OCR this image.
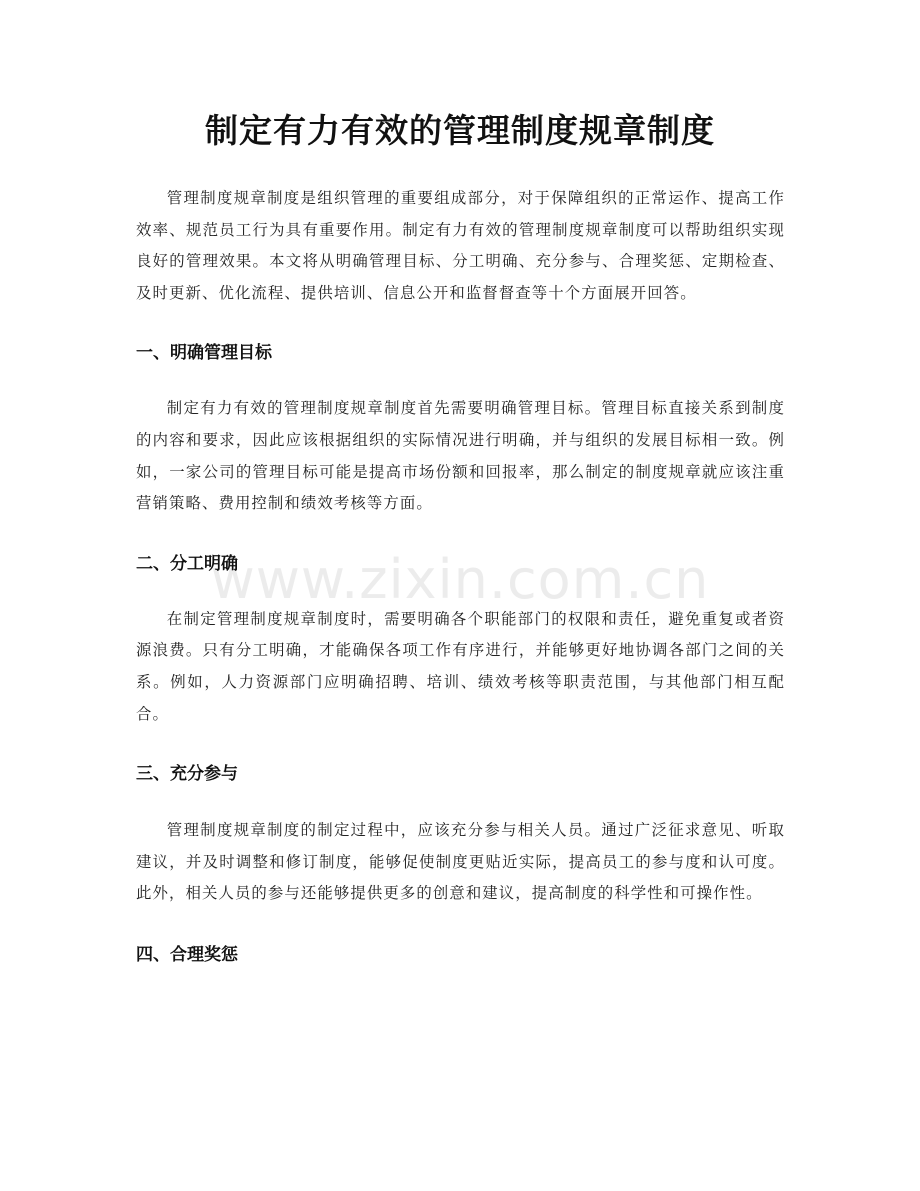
www.zixin.com.cn
制定有力有效的管理制度规章制度

管理制度规章制度是组织管理的重要组成部分，对于保障组织的正常运作、提高工作效率、规范员工行为具有重要作用。制定有力有效的管理制度规章制度可以帮助组织实现良好的管理效果。本文将从明确管理目标、分工明确、充分参与、合理奖惩、定期检查、及时更新、优化流程、提供培训、信息公开和监督督查等十个方面展开回答。

一、明确管理目标

制定有力有效的管理制度规章制度首先需要明确管理目标。管理目标直接关系到制度的内容和要求，因此应该根据组织的实际情况进行明确，并与组织的发展目标相一致。例如，一家公司的管理目标可能是提高市场份额和回报率，那么制定的制度规章就应该注重营销策略、费用控制和绩效考核等方面。

二、分工明确

在制定管理制度规章制度时，需要明确各个职能部门的权限和责任，避免重复或者资源浪费。只有分工明确，才能确保各项工作有序进行，并能够更好地协调各部门之间的关系。例如，人力资源部门应明确招聘、培训、绩效考核等职责范围，与其他部门相互配合。

三、充分参与

管理制度规章制度的制定过程中，应该充分参与相关人员。通过广泛征求意见、听取建议，并及时调整和修订制度，能够促使制度更贴近实际，提高员工的参与度和认可度。此外，相关人员的参与还能够提供更多的创意和建议，提高制度的科学性和可操作性。

四、合理奖惩
